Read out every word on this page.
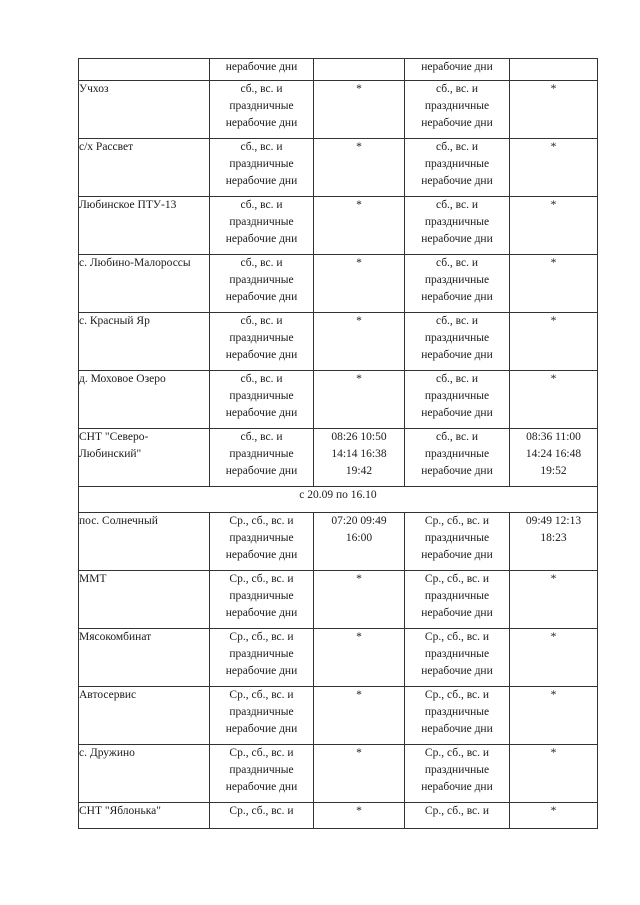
	нерабочие дни		нерабочие дни	

Учхоз	сб., вс. и
праздничные
нерабочие дни	*	сб., вс. и
праздничные
нерабочие дни	*

с/х Рассвет	сб., вс. и
праздничные
нерабочие дни	*	сб., вс. и
праздничные
нерабочие дни	*

Любинское ПТУ-13	сб., вс. и
праздничные
нерабочие дни	*	сб., вс. и
праздничные
нерабочие дни	*

с. Любино-Малороссы	сб., вс. и
праздничные
нерабочие дни	*	сб., вс. и
праздничные
нерабочие дни	*

с. Красный Яр	сб., вс. и
праздничные
нерабочие дни	*	сб., вс. и
праздничные
нерабочие дни	*

д. Моховое Озеро	сб., вс. и
праздничные
нерабочие дни	*	сб., вс. и
праздничные
нерабочие дни	*

СНТ "Северо-Любинский"	сб., вс. и
праздничные
нерабочие дни	08:26 10:50
14:14 16:38
19:42	сб., вс. и
праздничные
нерабочие дни	08:36 11:00
14:24 16:48
19:52

с 20.09 по 16.10				
пос. Солнечный	Ср., сб., вс. и
праздничные
нерабочие дни	07:20 09:49
16:00	Ср., сб., вс. и
праздничные
нерабочие дни	09:49 12:13
18:23

ММТ	Ср., сб., вс. и
праздничные
нерабочие дни	*	Ср., сб., вс. и
праздничные
нерабочие дни	*

Мясокомбинат	Ср., сб., вс. и
праздничные
нерабочие дни	*	Ср., сб., вс. и
праздничные
нерабочие дни	*

Автосервис	Ср., сб., вс. и
праздничные
нерабочие дни	*	Ср., сб., вс. и
праздничные
нерабочие дни	*

с. Дружино	Ср., сб., вс. и
праздничные
нерабочие дни	*	Ср., сб., вс. и
праздничные
нерабочие дни	*

СНТ "Яблонька"	Ср., сб., вс. и	*	Ср., сб., вс. и	*
